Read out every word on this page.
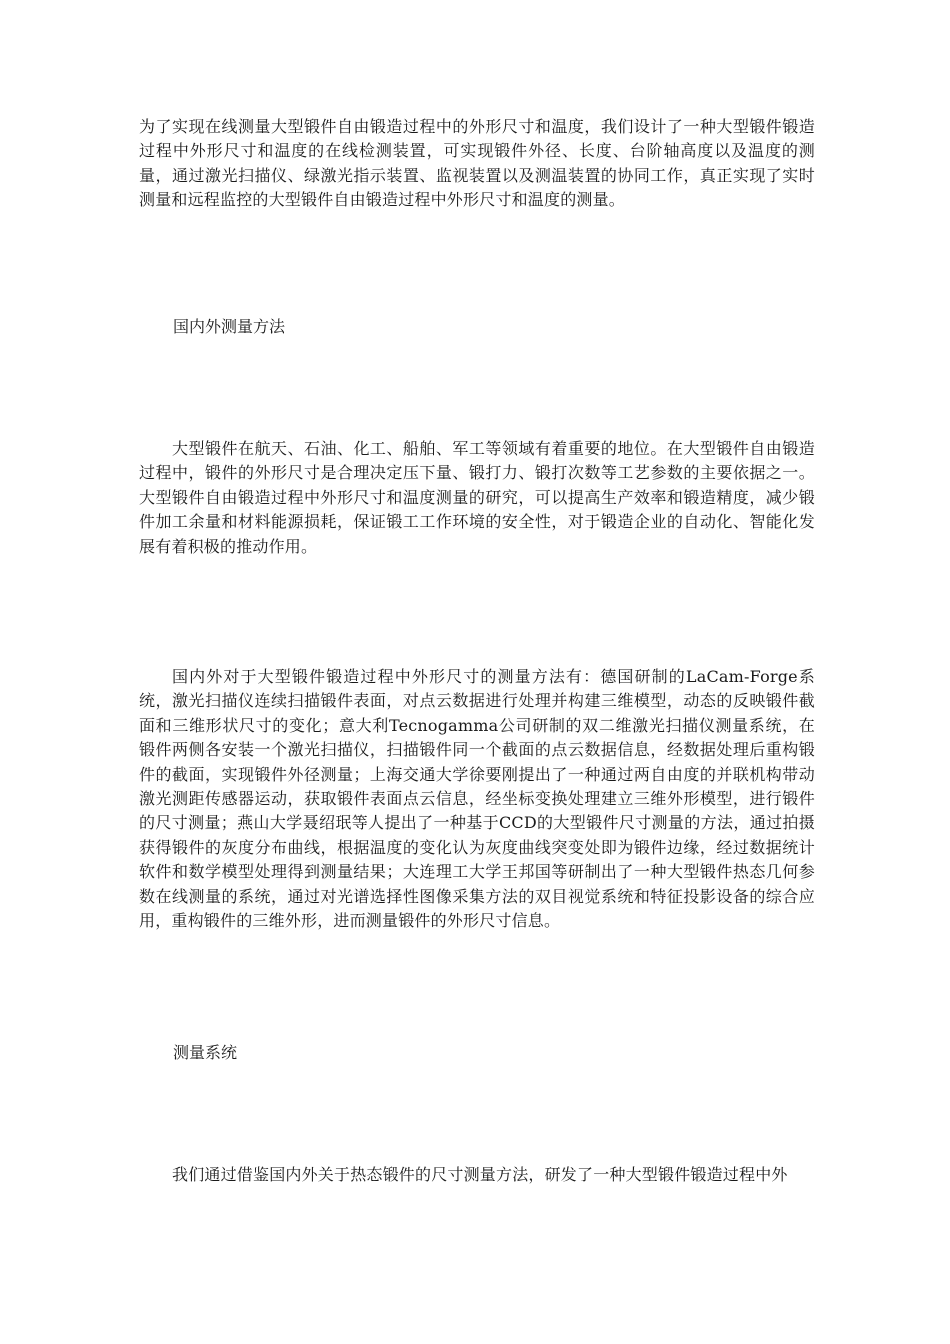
为了实现在线测量大型锻件自由锻造过程中的外形尺寸和温度，我们设计了一种大型锻件锻造过程中外形尺寸和温度的在线检测装置，可实现锻件外径、长度、台阶轴高度以及温度的测量，通过激光扫描仪、绿激光指示装置、监视装置以及测温装置的协同工作，真正实现了实时测量和远程监控的大型锻件自由锻造过程中外形尺寸和温度的测量。

国内外测量方法

大型锻件在航天、石油、化工、船舶、军工等领域有着重要的地位。在大型锻件自由锻造过程中，锻件的外形尺寸是合理决定压下量、锻打力、锻打次数等工艺参数的主要依据之一。大型锻件自由锻造过程中外形尺寸和温度测量的研究，可以提高生产效率和锻造精度，减少锻件加工余量和材料能源损耗，保证锻工工作环境的安全性，对于锻造企业的自动化、智能化发展有着积极的推动作用。

国内外对于大型锻件锻造过程中外形尺寸的测量方法有：德国研制的LaCam-Forge系统，激光扫描仪连续扫描锻件表面，对点云数据进行处理并构建三维模型，动态的反映锻件截面和三维形状尺寸的变化；意大利Tecnogamma公司研制的双二维激光扫描仪测量系统，在锻件两侧各安装一个激光扫描仪，扫描锻件同一个截面的点云数据信息，经数据处理后重构锻件的截面，实现锻件外径测量；上海交通大学徐要刚提出了一种通过两自由度的并联机构带动激光测距传感器运动，获取锻件表面点云信息，经坐标变换处理建立三维外形模型，进行锻件的尺寸测量；燕山大学聂绍珉等人提出了一种基于CCD的大型锻件尺寸测量的方法，通过拍摄获得锻件的灰度分布曲线，根据温度的变化认为灰度曲线突变处即为锻件边缘，经过数据统计软件和数学模型处理得到测量结果；大连理工大学王邦国等研制出了一种大型锻件热态几何参数在线测量的系统，通过对光谱选择性图像采集方法的双目视觉系统和特征投影设备的综合应用，重构锻件的三维外形，进而测量锻件的外形尺寸信息。

测量系统

我们通过借鉴国内外关于热态锻件的尺寸测量方法，研发了一种大型锻件锻造过程中外
